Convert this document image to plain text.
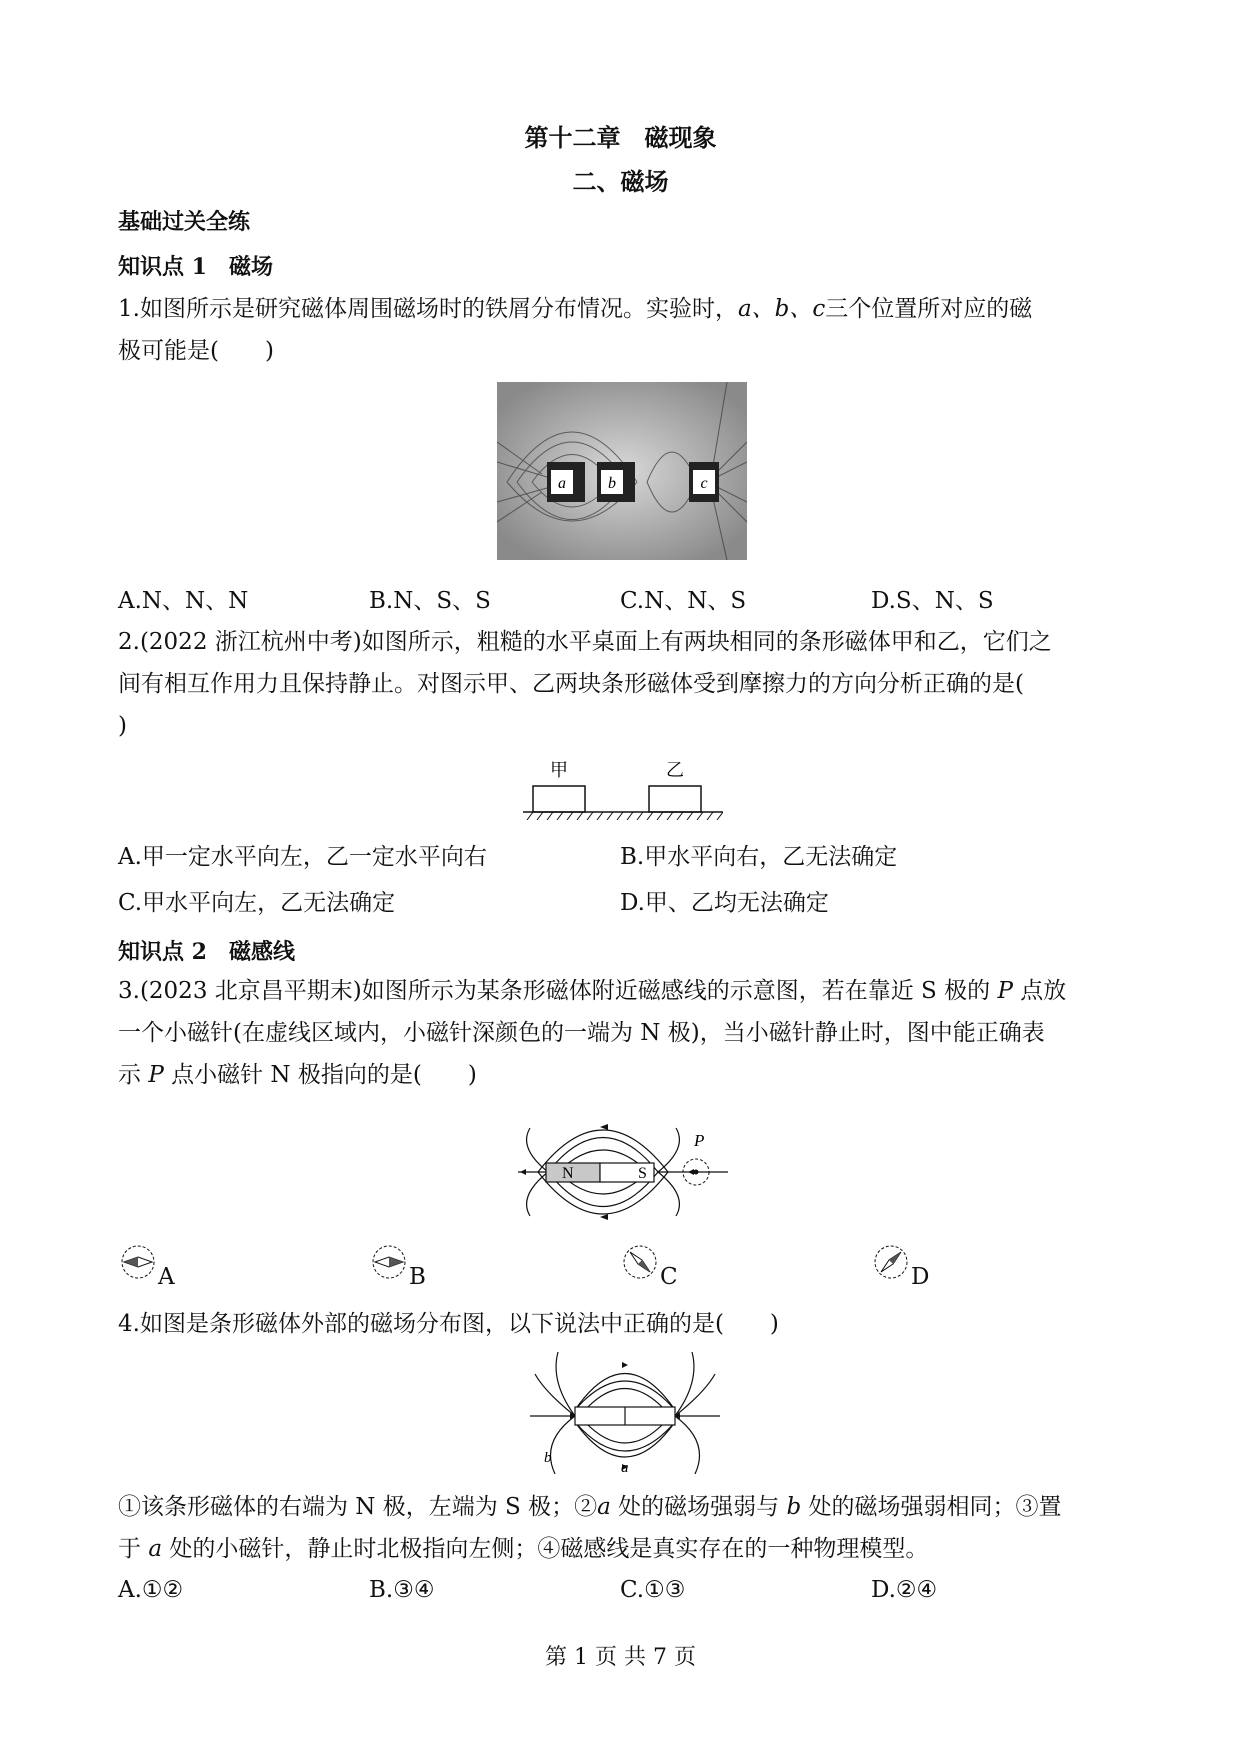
第十二章　磁现象
二、磁场
基础过关全练
知识点 1　磁场
1.如图所示是研究磁体周围磁场时的铁屑分布情况。实验时，a、b、c三个位置所对应的磁
极可能是(　　)
a	b	c
A.N、N、N	B.N、S、S	C.N、N、S	D.S、N、S
2.(2022 浙江杭州中考)如图所示，粗糙的水平桌面上有两块相同的条形磁体甲和乙，它们之
间有相互作用力且保持静止。对图示甲、乙两块条形磁体受到摩擦力的方向分析正确的是(
)
甲	乙
A.甲一定水平向左，乙一定水平向右	B.甲水平向右，乙无法确定
C.甲水平向左，乙无法确定	D.甲、乙均无法确定
知识点 2　磁感线
3.(2023 北京昌平期末)如图所示为某条形磁体附近磁感线的示意图，若在靠近 S 极的 P 点放
一个小磁针(在虚线区域内，小磁针深颜色的一端为 N 极)，当小磁针静止时，图中能正确表
示 P 点小磁针 N 极指向的是(　　)
N	S
P
A	B	C	D
4.如图是条形磁体外部的磁场分布图，以下说法中正确的是(　　)
b
a
①该条形磁体的右端为 N 极，左端为 S 极；②a 处的磁场强弱与 b 处的磁场强弱相同；③置
于 a 处的小磁针，静止时北极指向左侧；④磁感线是真实存在的一种物理模型。
A.①②	B.③④	C.①③	D.②④
第 1 页 共 7 页
